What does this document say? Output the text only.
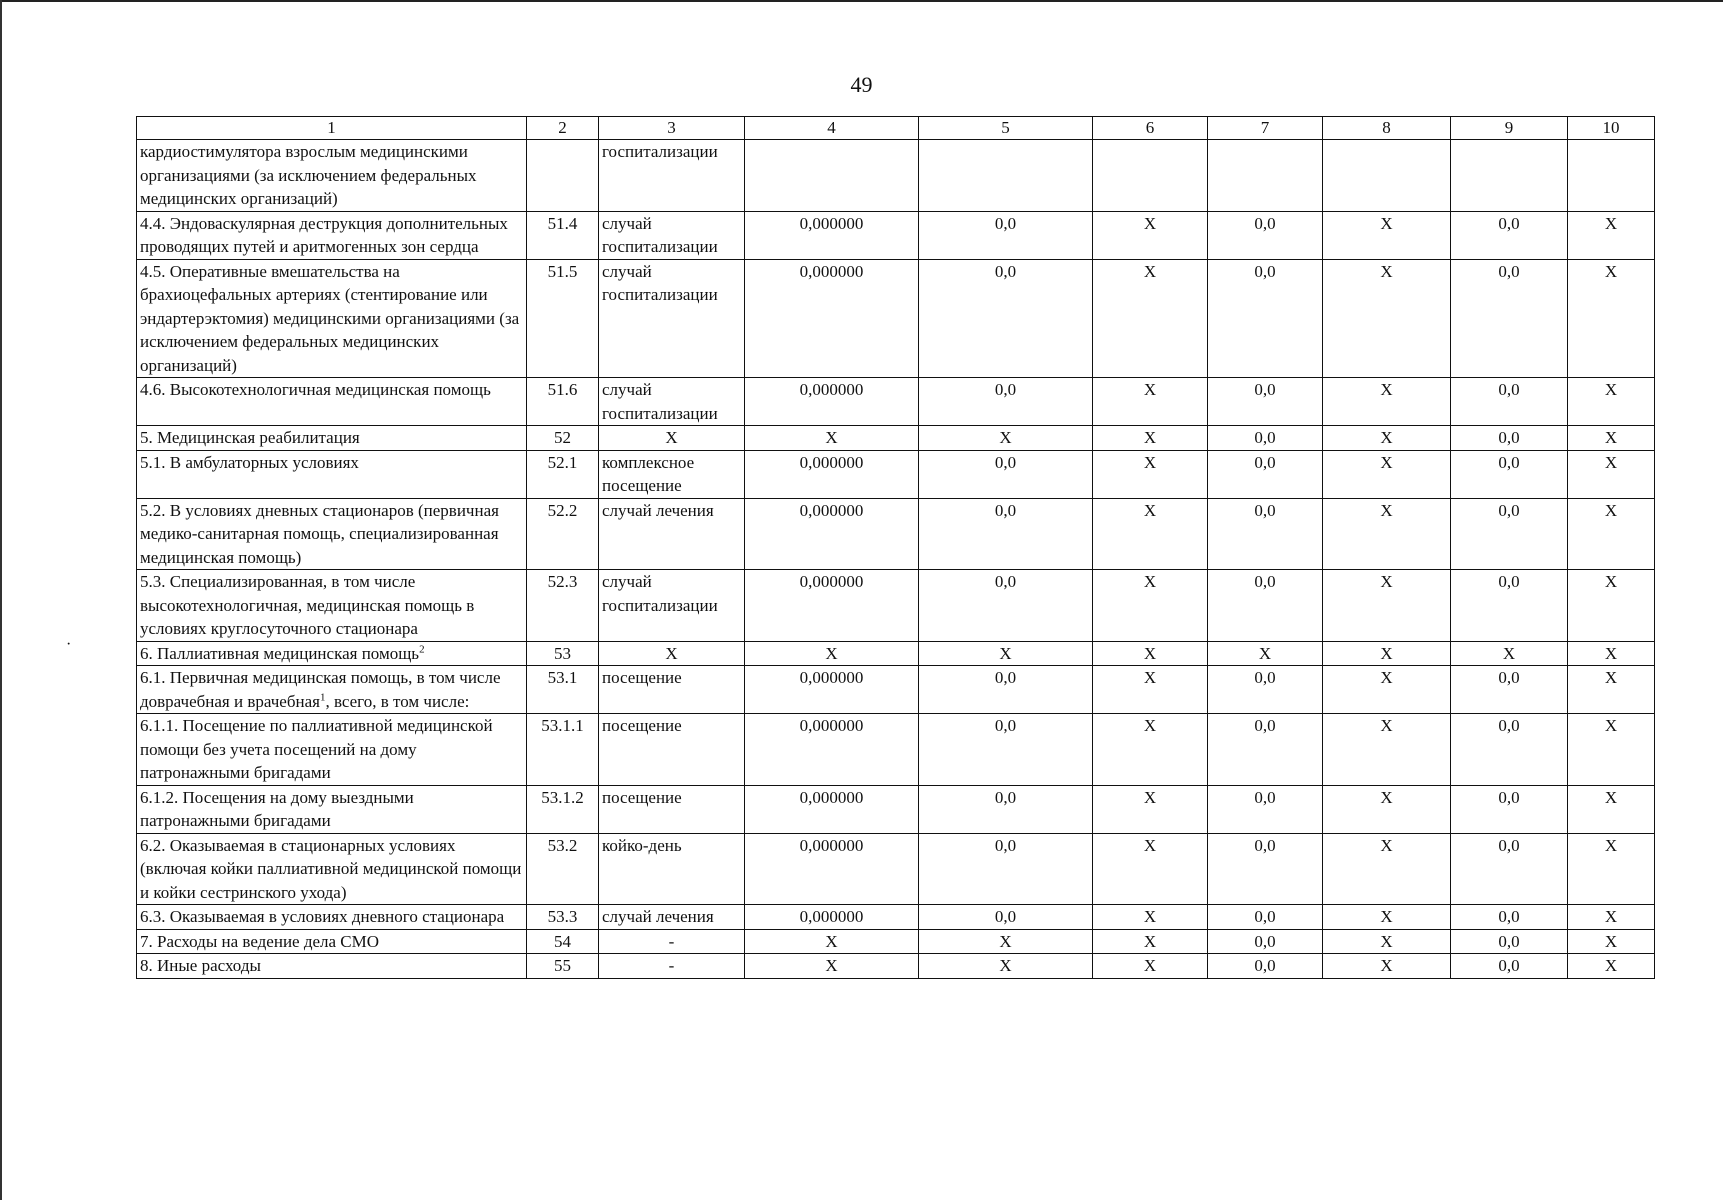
49
·
1	2	3	4	5	6	7	8	9	10
кардиостимулятора взрослым медицинскими организациями (за исключением федеральных медицинских организаций)		госпитализации							
4.4. Эндоваскулярная деструкция дополнительных проводящих путей и аритмогенных зон сердца	51.4	случай госпитализации	0,000000	0,0	X	0,0	X	0,0	X
4.5. Оперативные вмешательства на брахиоцефальных артериях (стентирование или эндартерэктомия) медицинскими организациями (за исключением федеральных медицинских организаций)	51.5	случай госпитализации	0,000000	0,0	X	0,0	X	0,0	X
4.6. Высокотехнологичная медицинская помощь	51.6	случай госпитализации	0,000000	0,0	X	0,0	X	0,0	X
5. Медицинская реабилитация	52	X	X	X	X	0,0	X	0,0	X
5.1. В амбулаторных условиях	52.1	комплексное посещение	0,000000	0,0	X	0,0	X	0,0	X
5.2. В условиях дневных стационаров (первичная медико-санитарная помощь, специализированная медицинская помощь)	52.2	случай лечения	0,000000	0,0	X	0,0	X	0,0	X
5.3. Специализированная, в том числе высокотехнологичная, медицинская помощь в условиях круглосуточного стационара	52.3	случай госпитализации	0,000000	0,0	X	0,0	X	0,0	X
6. Паллиативная медицинская помощь$^2$	53	X	X	X	X	X	X	X	X
6.1. Первичная медицинская помощь, в том числе доврачебная и врачебная$^1$, всего, в том числе:	53.1	посещение	0,000000	0,0	X	0,0	X	0,0	X
6.1.1. Посещение по паллиативной медицинской помощи без учета посещений на дому патронажными бригадами	53.1.1	посещение	0,000000	0,0	X	0,0	X	0,0	X
6.1.2. Посещения на дому выездными патронажными бригадами	53.1.2	посещение	0,000000	0,0	X	0,0	X	0,0	X
6.2. Оказываемая в стационарных условиях (включая койки паллиативной медицинской помощи и койки сестринского ухода)	53.2	койко-день	0,000000	0,0	X	0,0	X	0,0	X
6.3. Оказываемая в условиях дневного стационара	53.3	случай лечения	0,000000	0,0	X	0,0	X	0,0	X
7. Расходы на ведение дела СМО	54	-	X	X	X	0,0	X	0,0	X
8. Иные расходы	55	-	X	X	X	0,0	X	0,0	X
